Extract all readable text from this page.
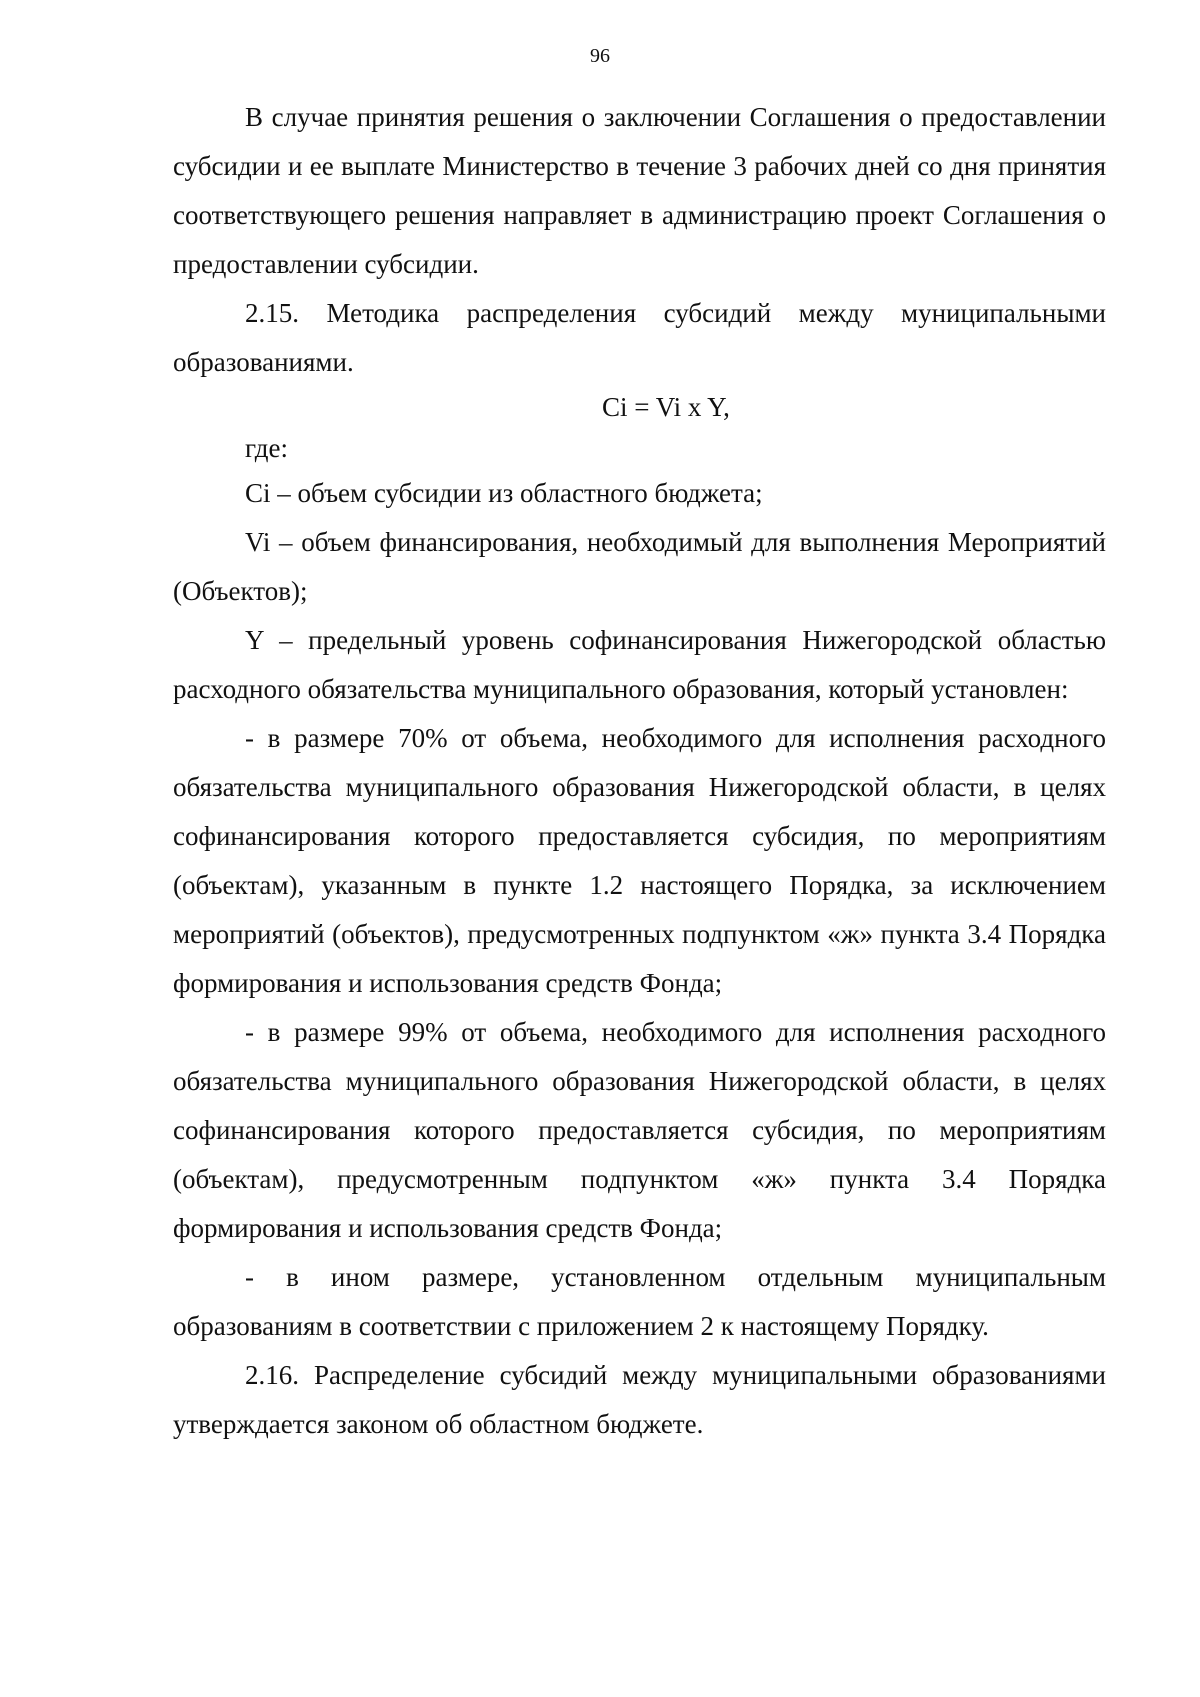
96

В случае принятия решения о заключении Соглашения о предоставлении субсидии и ее выплате Министерство в течение 3 рабочих дней со дня принятия соответствующего решения направляет в администрацию проект Соглашения о предоставлении субсидии.

2.15. Методика распределения субсидий между муниципальными образованиями.

Ci = Vi x Y,

где:

Ci – объем субсидии из областного бюджета;

Vi – объем финансирования, необходимый для выполнения Мероприятий (Объектов);

Y – предельный уровень софинансирования Нижегородской областью расходного обязательства муниципального образования, который установлен:

- в размере 70% от объема, необходимого для исполнения расходного обязательства муниципального образования Нижегородской области, в целях софинансирования которого предоставляется субсидия, по мероприятиям (объектам), указанным в пункте 1.2 настоящего Порядка, за исключением мероприятий (объектов), предусмотренных подпунктом «ж» пункта 3.4 Порядка формирования и использования средств Фонда;

- в размере 99% от объема, необходимого для исполнения расходного обязательства муниципального образования Нижегородской области, в целях софинансирования которого предоставляется субсидия, по мероприятиям (объектам), предусмотренным подпунктом «ж» пункта 3.4 Порядка формирования и использования средств Фонда;

- в ином размере, установленном отдельным муниципальным образованиям в соответствии с приложением 2 к настоящему Порядку.

2.16. Распределение субсидий между муниципальными образованиями утверждается законом об областном бюджете.
